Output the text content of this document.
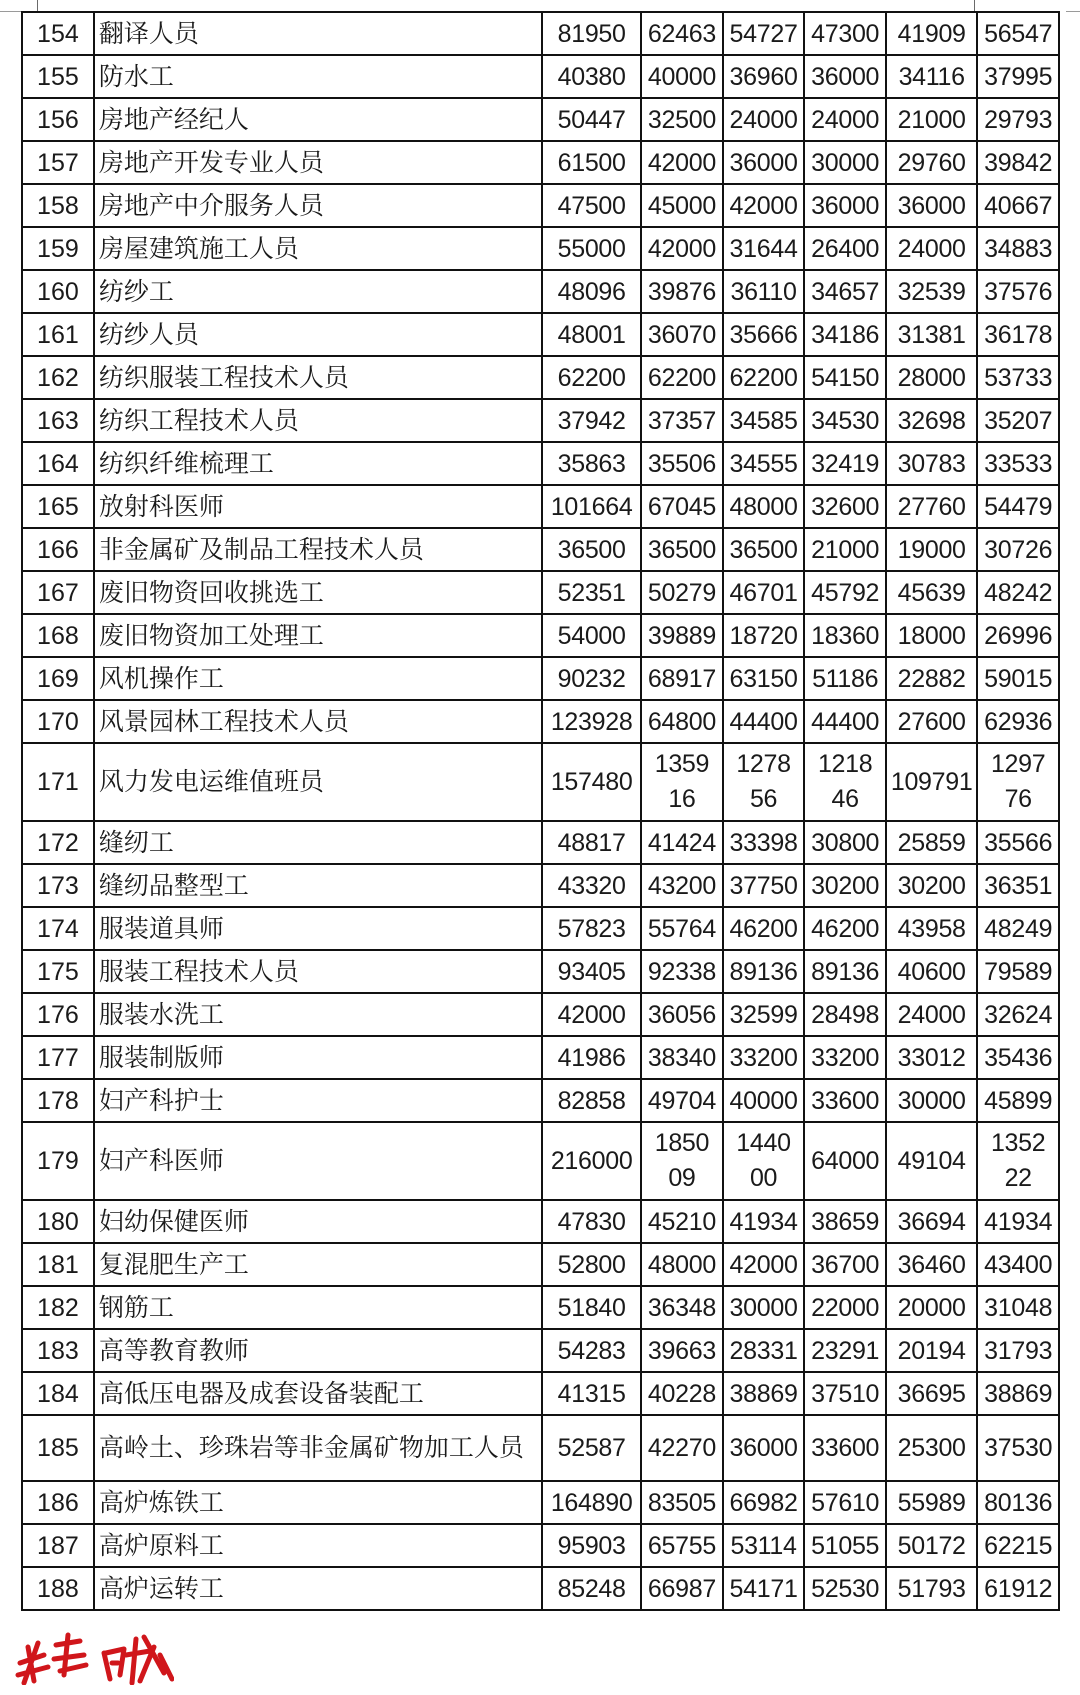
154	翻译人员	81950	62463	54727	47300	41909	56547
155	防水工	40380	40000	36960	36000	34116	37995
156	房地产经纪人	50447	32500	24000	24000	21000	29793
157	房地产开发专业人员	61500	42000	36000	30000	29760	39842
158	房地产中介服务人员	47500	45000	42000	36000	36000	40667
159	房屋建筑施工人员	55000	42000	31644	26400	24000	34883
160	纺纱工	48096	39876	36110	34657	32539	37576
161	纺纱人员	48001	36070	35666	34186	31381	36178
162	纺织服装工程技术人员	62200	62200	62200	54150	28000	53733
163	纺织工程技术人员	37942	37357	34585	34530	32698	35207
164	纺织纤维梳理工	35863	35506	34555	32419	30783	33533
165	放射科医师	101664	67045	48000	32600	27760	54479
166	非金属矿及制品工程技术人员	36500	36500	36500	21000	19000	30726
167	废旧物资回收挑选工	52351	50279	46701	45792	45639	48242
168	废旧物资加工处理工	54000	39889	18720	18360	18000	26996
169	风机操作工	90232	68917	63150	51186	22882	59015
170	风景园林工程技术人员	123928	64800	44400	44400	27600	62936
171	风力发电运维值班员	157480	135916	127856	121846	109791	129776
172	缝纫工	48817	41424	33398	30800	25859	35566
173	缝纫品整型工	43320	43200	37750	30200	30200	36351
174	服装道具师	57823	55764	46200	46200	43958	48249
175	服装工程技术人员	93405	92338	89136	89136	40600	79589
176	服装水洗工	42000	36056	32599	28498	24000	32624
177	服装制版师	41986	38340	33200	33200	33012	35436
178	妇产科护士	82858	49704	40000	33600	30000	45899
179	妇产科医师	216000	185009	144000	64000	49104	135222
180	妇幼保健医师	47830	45210	41934	38659	36694	41934
181	复混肥生产工	52800	48000	42000	36700	36460	43400
182	钢筋工	51840	36348	30000	22000	20000	31048
183	高等教育教师	54283	39663	28331	23291	20194	31793
184	高低压电器及成套设备装配工	41315	40228	38869	37510	36695	38869
185	高岭土、珍珠岩等非金属矿物加工人员	52587	42270	36000	33600	25300	37530
186	高炉炼铁工	164890	83505	66982	57610	55989	80136
187	高炉原料工	95903	65755	53114	51055	50172	62215
188	高炉运转工	85248	66987	54171	52530	51793	61912
